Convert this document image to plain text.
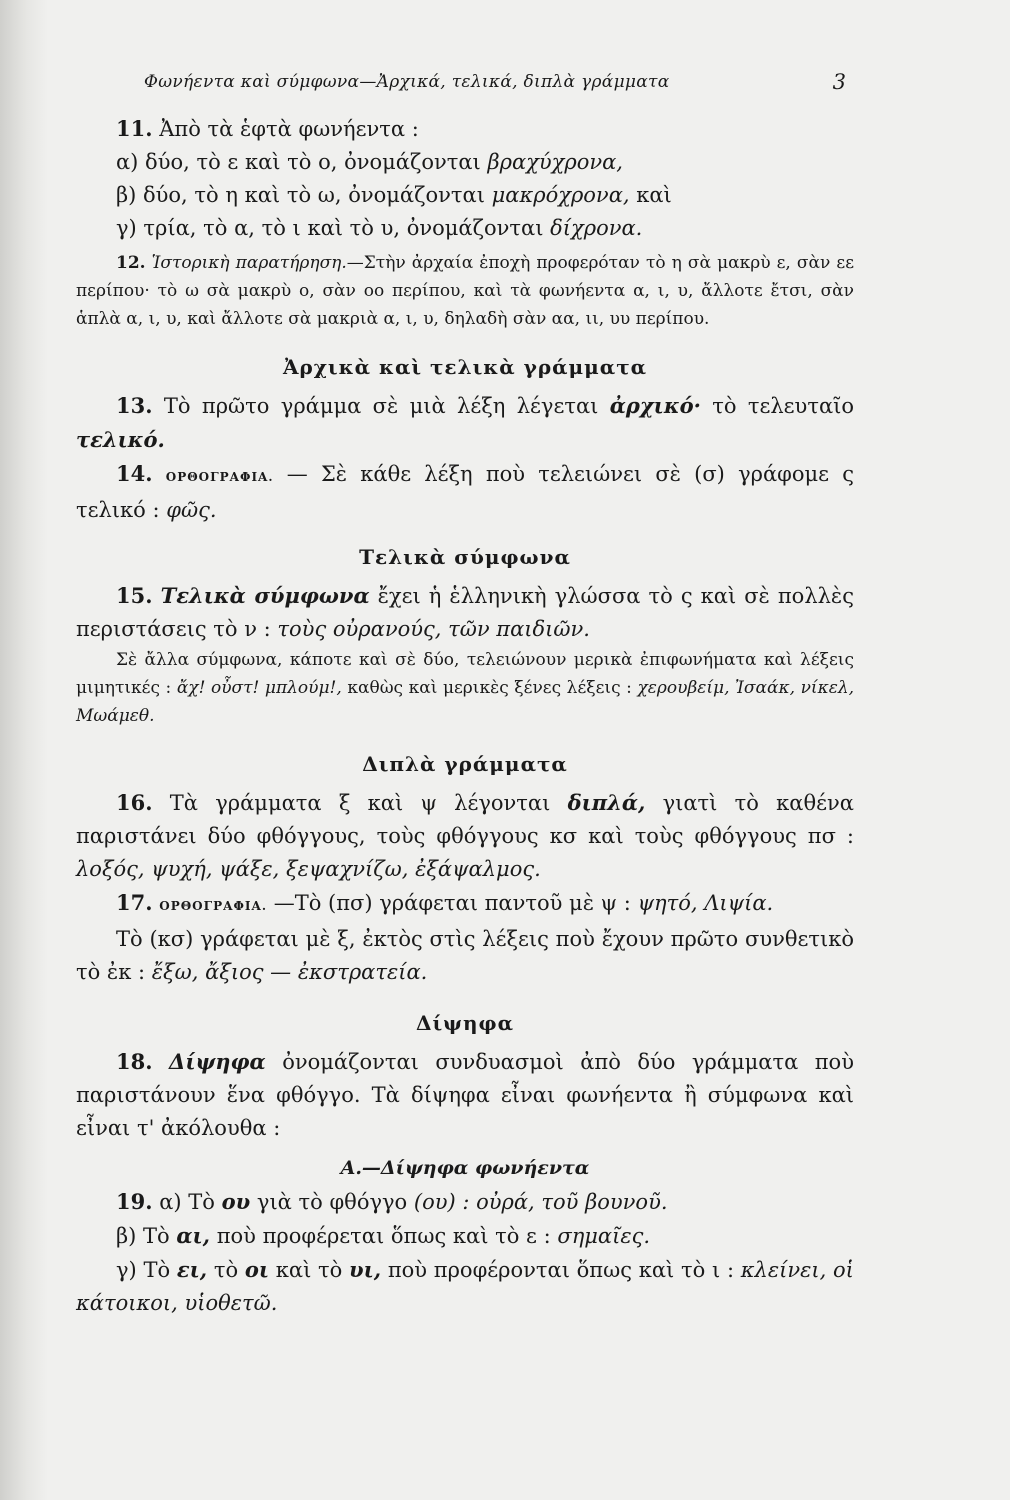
Φωνήεντα καὶ σύμφωνα—Ἀρχικά, τελικά, διπλὰ γράμματα	3

11. Ἀπὸ τὰ ἑφτὰ φωνήεντα :

α) δύο, τὸ ε καὶ τὸ ο, ὀνομάζονται βραχύχρονα,

β) δύο, τὸ η καὶ τὸ ω, ὀνομάζονται μακρόχρονα, καὶ

γ) τρία, τὸ α, τὸ ι καὶ τὸ υ, ὀνομάζονται δίχρονα.

12. Ἱστορικὴ παρατήρηση.—Στὴν ἀρχαία ἐποχὴ προφερόταν τὸ η σὰ μακρὺ ε, σὰν εε περίπου· τὸ ω σὰ μακρὺ ο, σὰν οο περίπου, καὶ τὰ φωνήεντα α, ι, υ, ἄλλοτε ἔτσι, σὰν ἁπλὰ α, ι, υ, καὶ ἄλλοτε σὰ μακριὰ α, ι, υ, δηλαδὴ σὰν αα, ιι, υυ περίπου.

Ἀρχικὰ καὶ τελικὰ γράμματα

13. Τὸ πρῶτο γράμμα σὲ μιὰ λέξη λέγεται ἀρχικό· τὸ τελευταῖο τελικό.

14. ΟΡΘΟΓΡΑΦΙΑ. — Σὲ κάθε λέξη ποὺ τελειώνει σὲ (σ) γράφομε ς τελικό : φῶς.

Τελικὰ σύμφωνα

15. Τελικὰ σύμφωνα ἔχει ἡ ἑλληνικὴ γλώσσα τὸ ς καὶ σὲ πολλὲς περιστάσεις τὸ ν : τοὺς οὐρανούς, τῶν παιδιῶν.

Σὲ ἄλλα σύμφωνα, κάποτε καὶ σὲ δύο, τελειώνουν μερικὰ ἐπιφωνήματα καὶ λέξεις μιμητικές : ἄχ! οὖστ! μπλούμ!, καθὼς καὶ μερικὲς ξένες λέξεις : χερουβείμ, Ἰσαάκ, νίκελ, Μωάμεθ.

Διπλὰ γράμματα

16. Τὰ γράμματα ξ καὶ ψ λέγονται διπλά, γιατὶ τὸ καθένα παριστάνει δύο φθόγγους, τοὺς φθόγγους κσ καὶ τοὺς φθόγγους πσ : λοξός, ψυχή, ψάξε, ξεψαχνίζω, ἐξάψαλμος.

17. ΟΡΘΟΓΡΑΦΙΑ. —Τὸ (πσ) γράφεται παντοῦ μὲ ψ : ψητό, Λιψία.

Τὸ (κσ) γράφεται μὲ ξ, ἐκτὸς στὶς λέξεις ποὺ ἔχουν πρῶτο συνθετικὸ τὸ ἐκ : ἔξω, ἄξιος — ἐκστρατεία.

Δίψηφα

18. Δίψηφα ὀνομάζονται συνδυασμοὶ ἀπὸ δύο γράμματα ποὺ παριστάνουν ἕνα φθόγγο. Τὰ δίψηφα εἶναι φωνήεντα ἢ σύμφωνα καὶ εἶναι τ' ἀκόλουθα :

Α.—Δίψηφα φωνήεντα

19. α) Τὸ ου γιὰ τὸ φθόγγο (ου) : οὐρά, τοῦ βουνοῦ.

β) Τὸ αι, ποὺ προφέρεται ὅπως καὶ τὸ ε : σημαῖες.

γ) Τὸ ει, τὸ οι καὶ τὸ υι, ποὺ προφέρονται ὅπως καὶ τὸ ι : κλείνει, οἱ κάτοικοι, υἱοθετῶ.
